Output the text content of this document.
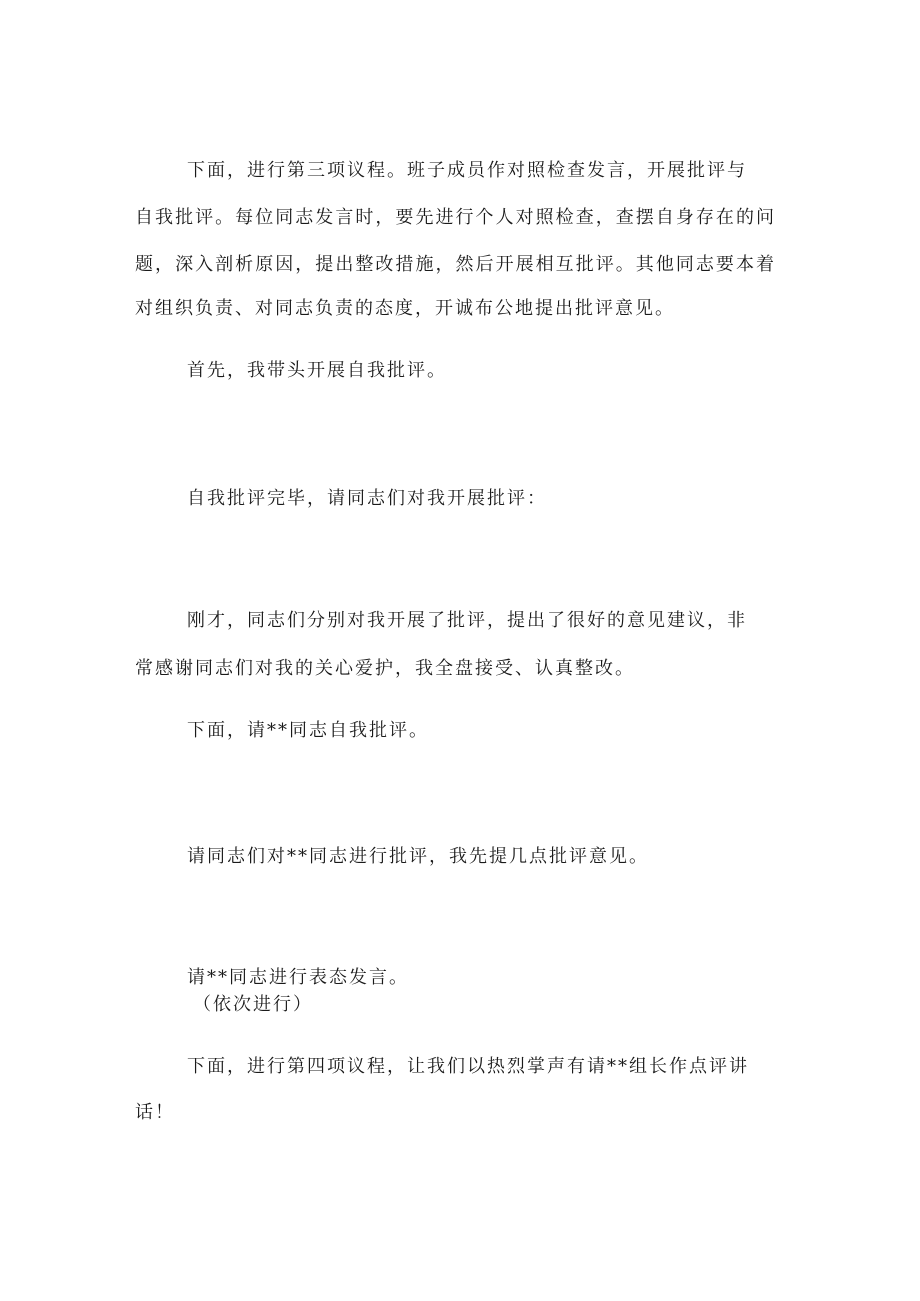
下面，进行第三项议程。班子成员作对照检查发言，开展批评与
自我批评。每位同志发言时，要先进行个人对照检查，查摆自身存在的问
题，深入剖析原因，提出整改措施，然后开展相互批评。其他同志要本着
对组织负责、对同志负责的态度，开诚布公地提出批评意见。
首先，我带头开展自我批评。
自我批评完毕，请同志们对我开展批评：
刚才，同志们分别对我开展了批评，提出了很好的意见建议，非
常感谢同志们对我的关心爱护，我全盘接受、认真整改。
下面，请**同志自我批评。
请同志们对**同志进行批评，我先提几点批评意见。
请**同志进行表态发言。
（依次进行）
下面，进行第四项议程，让我们以热烈掌声有请**组长作点评讲
话！
